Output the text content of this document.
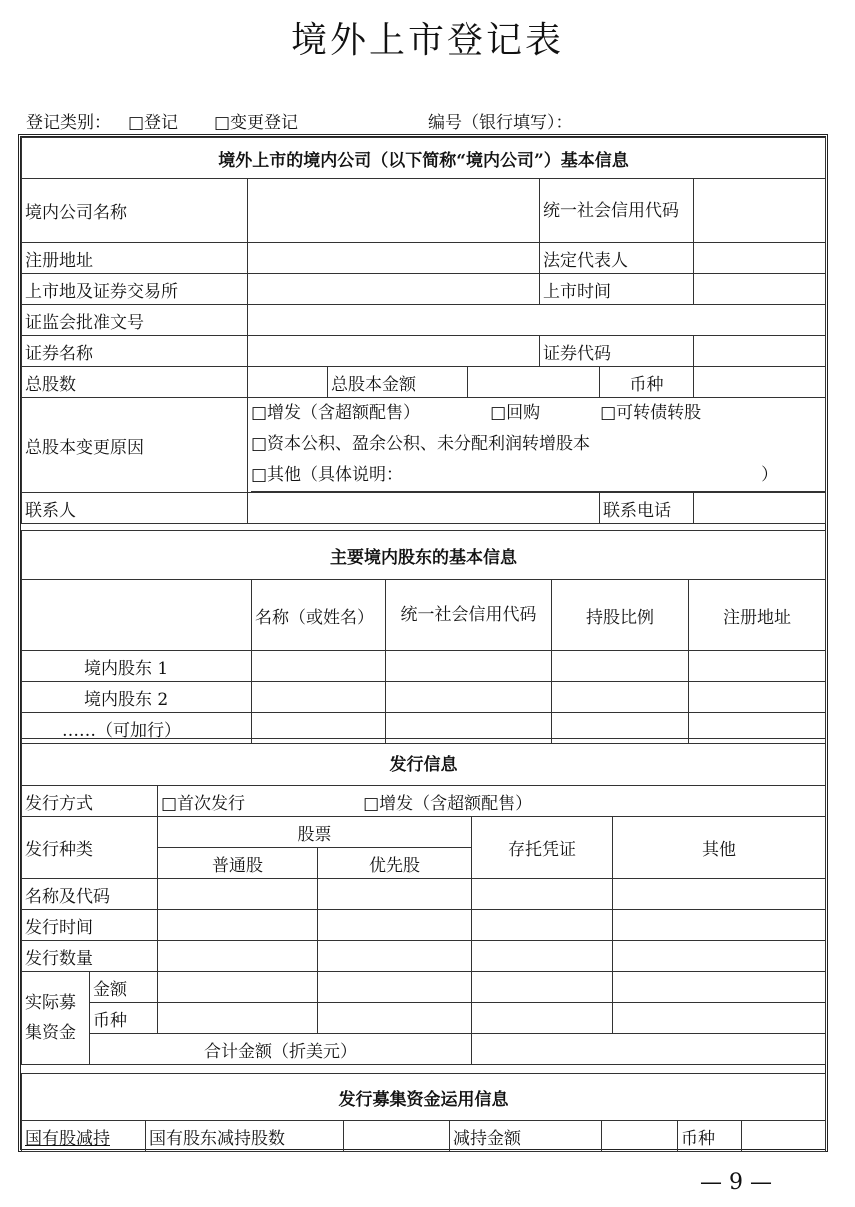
境外上市登记表
登记类别： □登记 □变更登记	编号（银行填写）：
境外上市的境内公司（以下简称“境内公司”）基本信息						
境内公司名称				统一社会信用代码		
注册地址				法定代表人		
上市地及证券交易所				上市时间		
证监会批准文号						
证券名称				证券代码		
总股数		总股本金额			币种	
总股本变更原因	□增发（含超额配售） □回购 □可转债转股
□资本公积、盈余公积、未分配利润转增股本
□其他（具体说明： ）					

联系人					联系电话	
主要境内股东的基本信息				
	名称（或姓名）	统一社会信用代码	持股比例	注册地址
境内股东 1				
境内股东 2				
……（可加行）				
发行信息					
发行方式		□首次发行 □增发（含超额配售）			
发行种类		股票		存托凭证	其他
		普通股	优先股		
名称及代码					
发行时间					
发行数量					
实际募集资金	金额				
	币种				
	合计金额（折美元）				
发行募集资金运用信息
国有股减持	国有股东减持股数		减持金额		币种	
— 9 —
